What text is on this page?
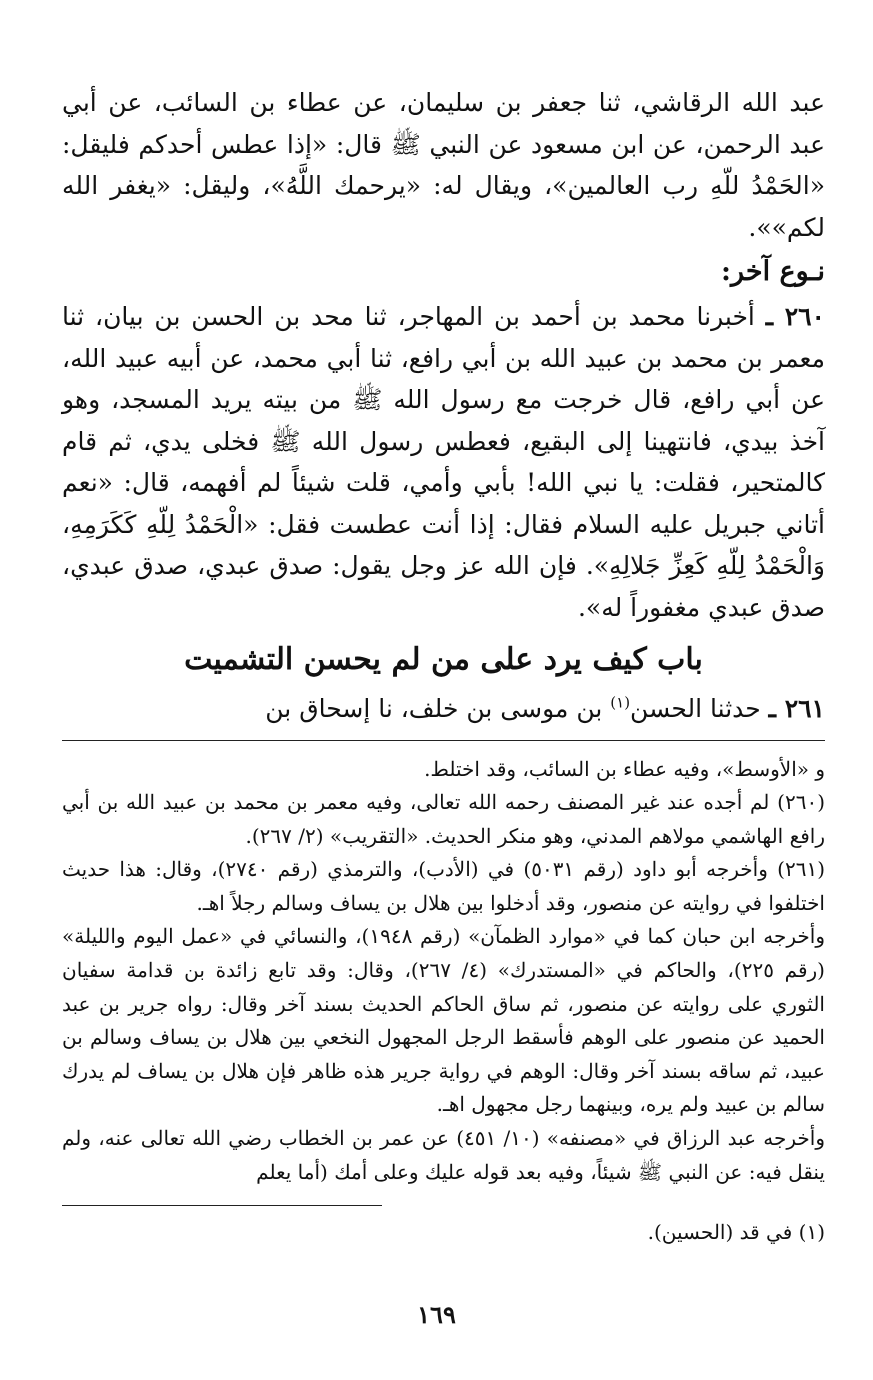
عبد الله الرقاشي، ثنا جعفر بن سليمان، عن عطاء بن السائب، عن أبي عبد الرحمن، عن ابن مسعود عن النبي ﷺ قال: «إذا عطس أحدكم فليقل: «الحَمْدُ للّهِ رب العالمين»، ويقال له: «يرحمك اللَّهُ»، وليقل: «يغفر الله لكم»».

نـوع آخر:

٢٦٠ ـ أخبرنا محمد بن أحمد بن المهاجر، ثنا محد بن الحسن بن بيان، ثنا معمر بن محمد بن عبيد الله بن أبي رافع، ثنا أبي محمد، عن أبيه عبيد الله، عن أبي رافع، قال خرجت مع رسول الله ﷺ من بيته يريد المسجد، وهو آخذ بيدي، فانتهينا إلى البقيع، فعطس رسول الله ﷺ فخلى يدي، ثم قام كالمتحير، فقلت: يا نبي الله! بأبي وأمي، قلت شيئاً لم أفهمه، قال: «نعم أتاني جبريل عليه السلام فقال: إذا أنت عطست فقل: «الْحَمْدُ لِلّهِ كَكَرَمِهِ، وَالْحَمْدُ لِلّهِ كَعِزِّ جَلالِهِ». فإن الله عز وجل يقول: صدق عبدي، صدق عبدي، صدق عبدي مغفوراً له».

باب كيف يرد على من لم يحسن التشميت

٢٦١ ـ حدثنا الحسن$^{(١)}$ بن موسى بن خلف، نا إسحاق بن

و «الأوسط»، وفيه عطاء بن السائب، وقد اختلط.

(٢٦٠) لم أجده عند غير المصنف رحمه الله تعالى، وفيه معمر بن محمد بن عبيد الله بن أبي رافع الهاشمي مولاهم المدني، وهو منكر الحديث. «التقريب» (٢/ ٢٦٧).

(٢٦١) وأخرجه أبو داود (رقم ٥٠٣١) في (الأدب)، والترمذي (رقم ٢٧٤٠)، وقال: هذا حديث اختلفوا في روايته عن منصور، وقد أدخلوا بين هلال بن يساف وسالم رجلاً اهـ.

وأخرجه ابن حبان كما في «موارد الظمآن» (رقم ١٩٤٨)، والنسائي في «عمل اليوم والليلة» (رقم ٢٢٥)، والحاكم في «المستدرك» (٤/ ٢٦٧)، وقال: وقد تابع زائدة بن قدامة سفيان الثوري على روايته عن منصور، ثم ساق الحاكم الحديث بسند آخر وقال: رواه جرير بن عبد الحميد عن منصور على الوهم فأسقط الرجل المجهول النخعي بين هلال بن يساف وسالم بن عبيد، ثم ساقه بسند آخر وقال: الوهم في رواية جرير هذه ظاهر فإن هلال بن يساف لم يدرك سالم بن عبيد ولم يره، وبينهما رجل مجهول اهـ.

وأخرجه عبد الرزاق في «مصنفه» (١٠/ ٤٥١) عن عمر بن الخطاب رضي الله تعالى عنه، ولم ينقل فيه: عن النبي ﷺ شيئاً، وفيه بعد قوله عليك وعلى أمك (أما يعلم

(١) في قد (الحسين).

١٦٩
